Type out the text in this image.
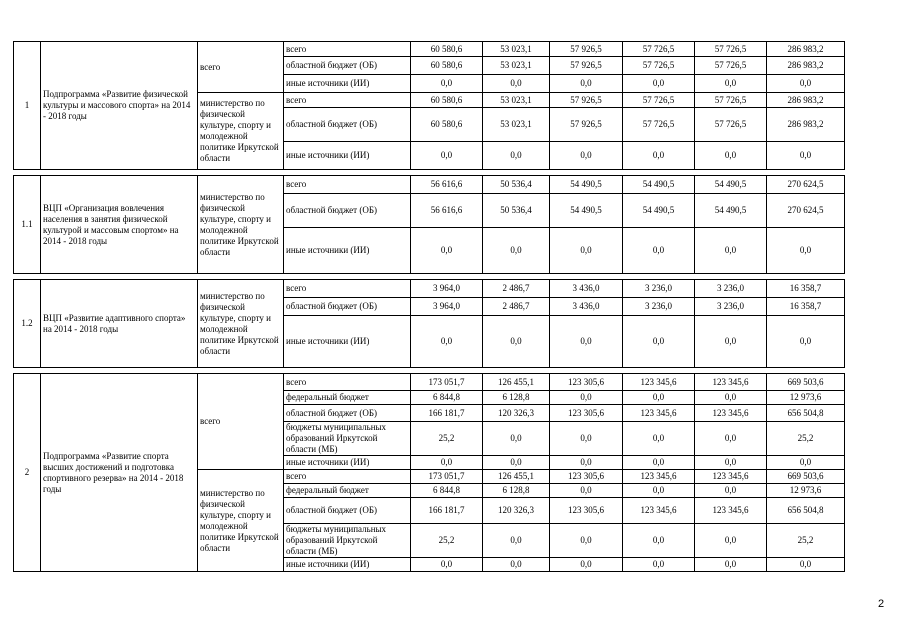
1	Подпрограмма «Развитие физической культуры и массового спорта» на 2014 - 2018 годы	всего	всего	60 580,6	53 023,1	57 926,5	57 726,5	57 726,5	286 983,2
			областной бюджет (ОБ)	60 580,6	53 023,1	57 926,5	57 726,5	57 726,5	286 983,2
			иные источники (ИИ)	0,0	0,0	0,0	0,0	0,0	0,0
		министерство по физической культуре, спорту и молодежной политике Иркутской области	всего	60 580,6	53 023,1	57 926,5	57 726,5	57 726,5	286 983,2
			областной бюджет (ОБ)	60 580,6	53 023,1	57 926,5	57 726,5	57 726,5	286 983,2
			иные источники (ИИ)	0,0	0,0	0,0	0,0	0,0	0,0

1.1	ВЦП «Организация вовлечения населения в занятия физической культурой и массовым спортом» на 2014 - 2018 годы	министерство по физической культуре, спорту и молодежной политике Иркутской области	всего	56 616,6	50 536,4	54 490,5	54 490,5	54 490,5	270 624,5
			областной бюджет (ОБ)	56 616,6	50 536,4	54 490,5	54 490,5	54 490,5	270 624,5
			иные источники (ИИ)	0,0	0,0	0,0	0,0	0,0	0,0

1.2	ВЦП «Развитие адаптивного спорта» на 2014 - 2018 годы	министерство по физической культуре, спорту и молодежной политике Иркутской области	всего	3 964,0	2 486,7	3 436,0	3 236,0	3 236,0	16 358,7
			областной бюджет (ОБ)	3 964,0	2 486,7	3 436,0	3 236,0	3 236,0	16 358,7
			иные источники (ИИ)	0,0	0,0	0,0	0,0	0,0	0,0

2	Подпрограмма «Развитие спорта высших достижений и подготовка спортивного резерва» на 2014 - 2018 годы	всего	всего	173 051,7	126 455,1	123 305,6	123 345,6	123 345,6	669 503,6
			федеральный бюджет	6 844,8	6 128,8	0,0	0,0	0,0	12 973,6
			областной бюджет (ОБ)	166 181,7	120 326,3	123 305,6	123 345,6	123 345,6	656 504,8
			бюджеты муниципальных образований Иркутской области (МБ)	25,2	0,0	0,0	0,0	0,0	25,2
			иные источники (ИИ)	0,0	0,0	0,0	0,0	0,0	0,0
		министерство по физической культуре, спорту и молодежной политике Иркутской области	всего	173 051,7	126 455,1	123 305,6	123 345,6	123 345,6	669 503,6
			федеральный бюджет	6 844,8	6 128,8	0,0	0,0	0,0	12 973,6
			областной бюджет (ОБ)	166 181,7	120 326,3	123 305,6	123 345,6	123 345,6	656 504,8
			бюджеты муниципальных образований Иркутской области (МБ)	25,2	0,0	0,0	0,0	0,0	25,2
			иные источники (ИИ)	0,0	0,0	0,0	0,0	0,0	0,0
2
